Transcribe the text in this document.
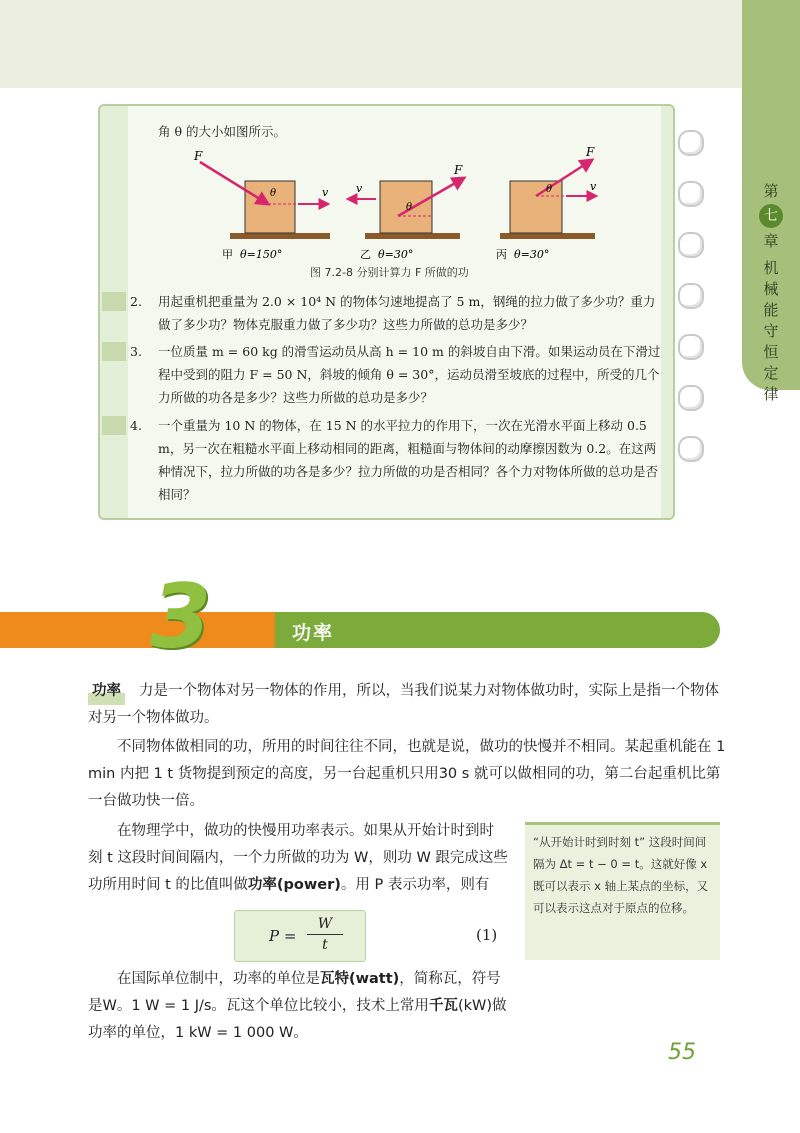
第
七
章
机械能守恒定律
角 θ 的大小如图所示。
F
v
θ
甲 θ=150°
F
v
θ
乙 θ=30°
F
v
θ
丙 θ=30°
图 7.2-8 分别计算力 F 所做的功
2.	用起重机把重量为 2.0 × 10⁴ N 的物体匀速地提高了 5 m，钢绳的拉力做了多少功？重力做了多少功？物体克服重力做了多少功？这些力所做的总功是多少？
3.	一位质量 m = 60 kg 的滑雪运动员从高 h = 10 m 的斜坡自由下滑。如果运动员在下滑过程中受到的阻力 F = 50 N，斜坡的倾角 θ = 30°，运动员滑至坡底的过程中，所受的几个力所做的功各是多少？这些力所做的总功是多少？
4.	一个重量为 10 N 的物体，在 15 N 的水平拉力的作用下，一次在光滑水平面上移动 0.5 m，另一次在粗糙水平面上移动相同的距离，粗糙面与物体间的动摩擦因数为 0.2。在这两种情况下，拉力所做的功各是多少？拉力所做的功是否相同？各个力对物体所做的总功是否相同？
3	功率
功率 力是一个物体对另一物体的作用，所以，当我们说某力对物体做功时，实际上是指一个物体对另一个物体做功。
不同物体做相同的功，所用的时间往往不同，也就是说，做功的快慢并不相同。某起重机能在 1 min 内把 1 t 货物提到预定的高度，另一台起重机只用30 s 就可以做相同的功，第二台起重机比第一台做功快一倍。
在物理学中，做功的快慢用功率表示。如果从开始计时到时刻 t 这段时间间隔内，一个力所做的功为 W，则功 W 跟完成这些功所用时间 t 的比值叫做功率(power)。用 P 表示功率，则有
P =
W
t
(1)
“从开始计时到时刻 t” 这段时间间隔为 Δt = t − 0 = t。这就好像 x 既可以表示 x 轴上某点的坐标，又可以表示这点对于原点的位移。
在国际单位制中，功率的单位是瓦特(watt)，简称瓦，符号是W。1 W = 1 J/s。瓦这个单位比较小，技术上常用千瓦(kW)做功率的单位，1 kW = 1 000 W。
55
